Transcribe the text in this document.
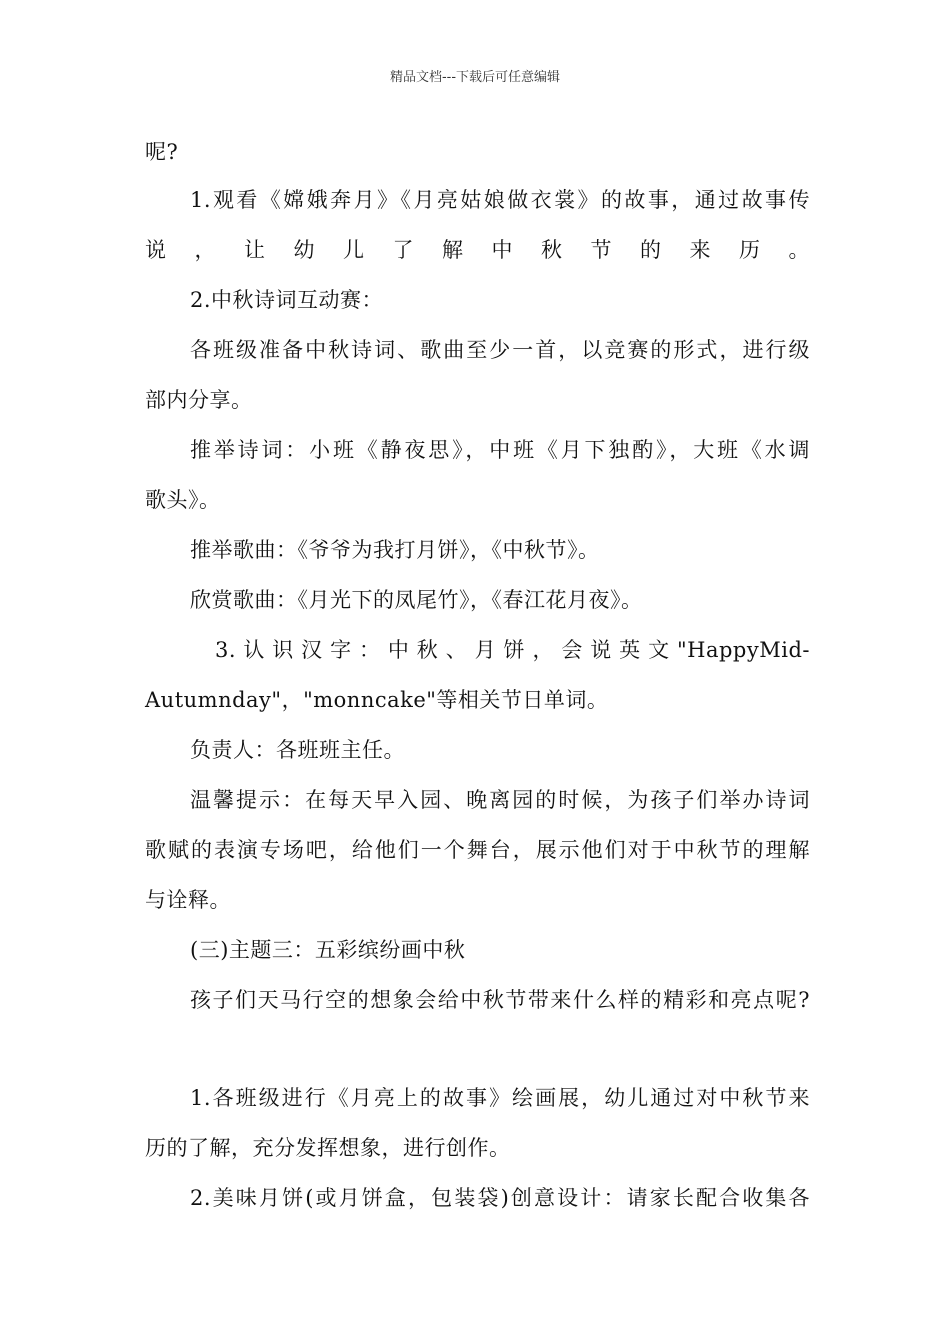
精品文档---下载后可任意编辑
呢?
1.观看《嫦娥奔月》《月亮姑娘做衣裳》的故事，通过故事传
说，让幼儿了解中秋节的来历。
2.中秋诗词互动赛：
各班级准备中秋诗词、歌曲至少一首，以竞赛的形式，进行级
部内分享。
推举诗词：小班《静夜思》，中班《月下独酌》，大班《水调
歌头》。
推举歌曲：《爷爷为我打月饼》，《中秋节》。
欣赏歌曲：《月光下的凤尾竹》，《春江花月夜》。
3. 认 识 汉 字 ： 中 秋 、 月 饼 ， 会 说 英 文 "HappyMid-
Autumnday"，"monncake"等相关节日单词。
负责人：各班班主任。
温馨提示：在每天早入园、晚离园的时候，为孩子们举办诗词
歌赋的表演专场吧，给他们一个舞台，展示他们对于中秋节的理解
与诠释。
(三)主题三：五彩缤纷画中秋
孩子们天马行空的想象会给中秋节带来什么样的精彩和亮点呢?
1.各班级进行《月亮上的故事》绘画展，幼儿通过对中秋节来
历的了解，充分发挥想象，进行创作。
2.美味月饼(或月饼盒，包装袋)创意设计：请家长配合收集各
